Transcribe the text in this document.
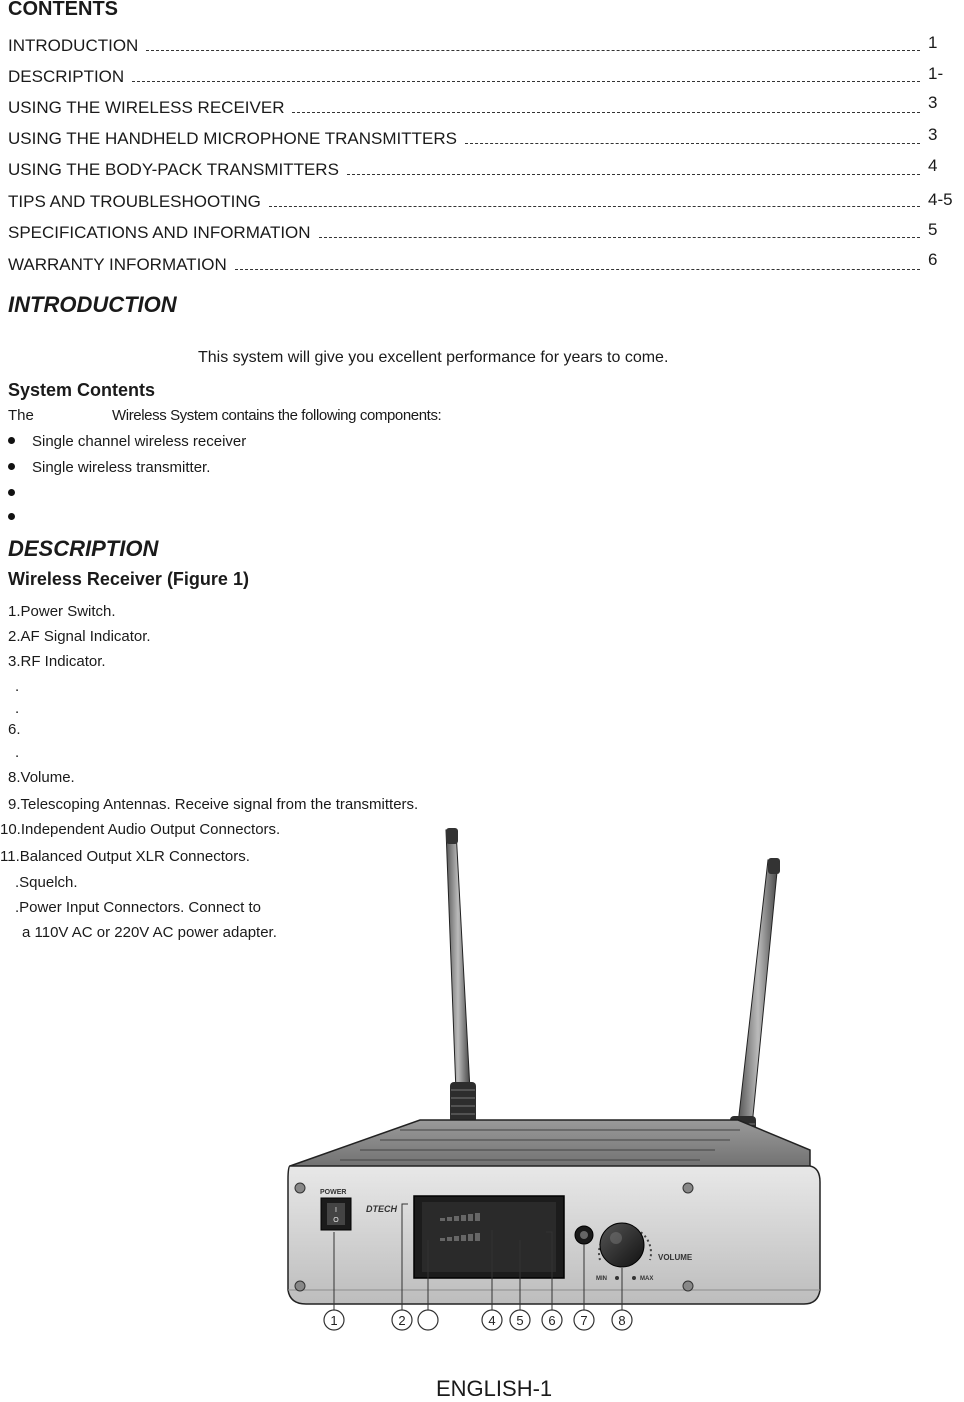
CONTENTS
INTRODUCTION	1
DESCRIPTION	1-
USING THE WIRELESS RECEIVER	3
USING THE HANDHELD MICROPHONE TRANSMITTERS	3
USING THE BODY-PACK TRANSMITTERS	4
TIPS AND TROUBLESHOOTING	4-5
SPECIFICATIONS AND INFORMATION	5
WARRANTY INFORMATION	6
INTRODUCTION
This system will give you excellent performance for years to come.
System Contents
The	Wireless System contains the following components:
Single channel wireless receiver
Single wireless transmitter.
DESCRIPTION
Wireless Receiver (Figure 1)
1.Power Switch.
2.AF Signal Indicator.
3.RF Indicator.
.
.
6.
.
8.Volume.
9.Telescoping Antennas. Receive signal from the transmitters.
10.Independent Audio Output Connectors.
11.Balanced Output XLR Connectors.
.Squelch.
.Power Input Connectors. Connect to
a 110V AC or 220V AC power adapter.
POWER
I
O
DTECH
VOLUME
MIN	MAX
1	2	4 5 6 7 8
ENGLISH-1
